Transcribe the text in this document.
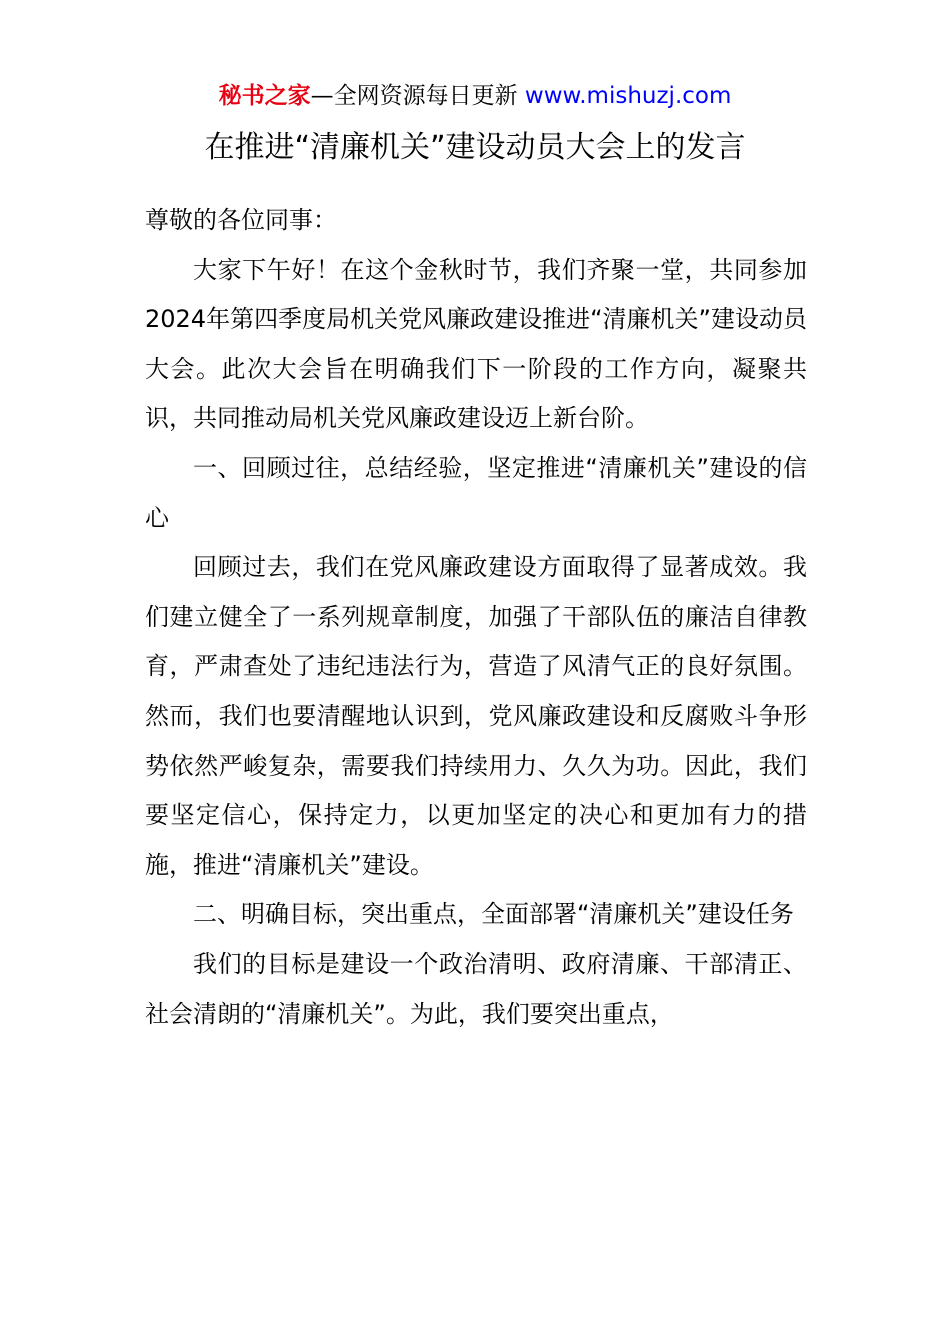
秘书之家—全网资源每日更新 www.mishuzj.com
在推进“清廉机关”建设动员大会上的发言

尊敬的各位同事：

大家下午好！在这个金秋时节，我们齐聚一堂，共同参加2024年第四季度局机关党风廉政建设推进“清廉机关”建设动员大会。此次大会旨在明确我们下一阶段的工作方向，凝聚共识，共同推动局机关党风廉政建设迈上新台阶。

一、回顾过往，总结经验，坚定推进“清廉机关”建设的信心

回顾过去，我们在党风廉政建设方面取得了显著成效。我们建立健全了一系列规章制度，加强了干部队伍的廉洁自律教育，严肃查处了违纪违法行为，营造了风清气正的良好氛围。然而，我们也要清醒地认识到，党风廉政建设和反腐败斗争形势依然严峻复杂，需要我们持续用力、久久为功。因此，我们要坚定信心，保持定力，以更加坚定的决心和更加有力的措施，推进“清廉机关”建设。

二、明确目标，突出重点，全面部署“清廉机关”建设任务

我们的目标是建设一个政治清明、政府清廉、干部清正、社会清朗的“清廉机关”。为此，我们要突出重点，
